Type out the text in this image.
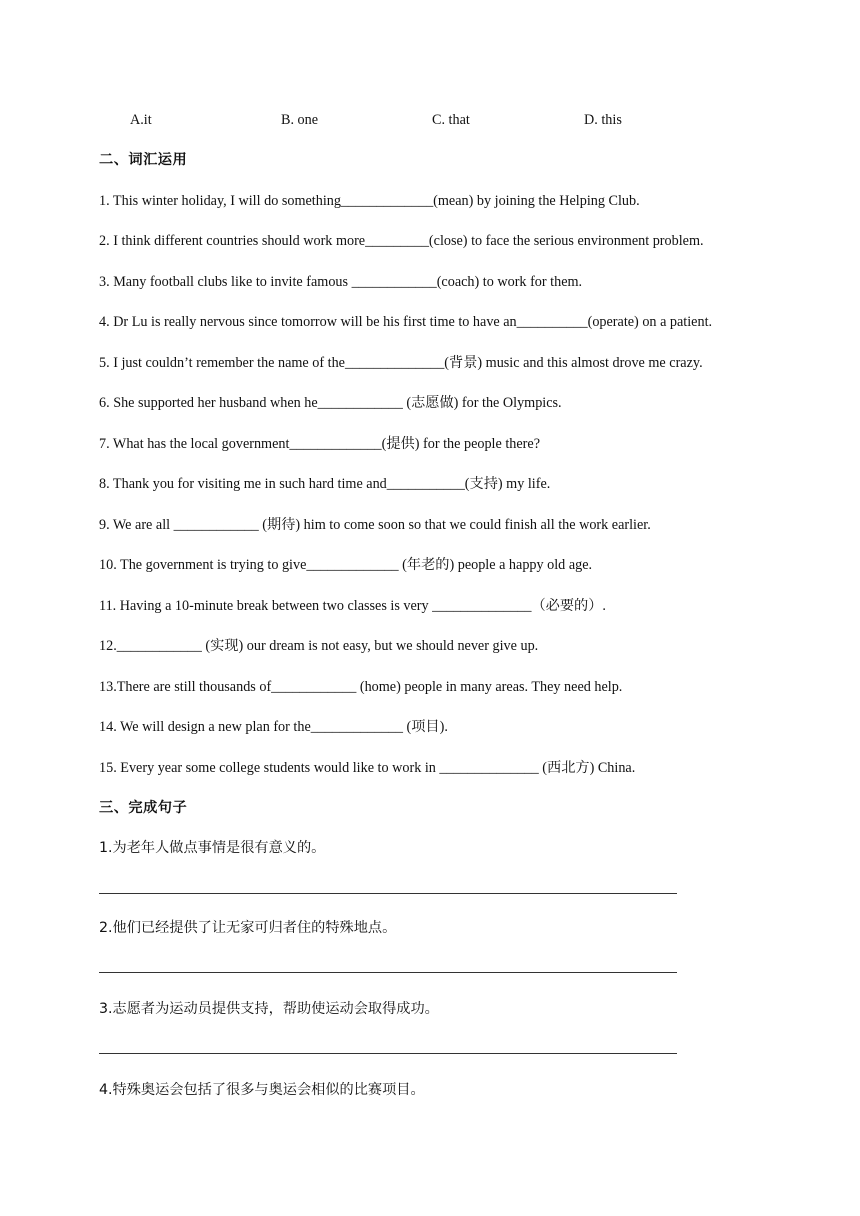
A.it	B. one	C. that	D. this
二、词汇运用
1. This winter holiday, I will do something_____________(mean) by joining the Helping Club.
2. I think different countries should work more_________(close) to face the serious environment problem.
3. Many football clubs like to invite famous ____________(coach) to work for them.
4. Dr Lu is really nervous since tomorrow will be his first time to have an__________(operate) on a patient.
5. I just couldn’t remember the name of the______________(背景) music and this almost drove me crazy.
6. She supported her husband when he____________ (志愿做) for the Olympics.
7. What has the local government_____________(提供) for the people there?
8. Thank you for visiting me in such hard time and___________(支持) my life.
9. We are all ____________ (期待) him to come soon so that we could finish all the work earlier.
10. The government is trying to give_____________ (年老的) people a happy old age.
11. Having a 10-minute break between two classes is very ______________（必要的）.
12.____________ (实现) our dream is not easy, but we should never give up.
13.There are still thousands of____________ (home) people in many areas. They need help.
14. We will design a new plan for the_____________ (项目).
15. Every year some college students would like to work in ______________ (西北方) China.
三、完成句子
1.为老年人做点事情是很有意义的。
2.他们已经提供了让无家可归者住的特殊地点。
3.志愿者为运动员提供支持，帮助使运动会取得成功。
4.特殊奥运会包括了很多与奥运会相似的比赛项目。
